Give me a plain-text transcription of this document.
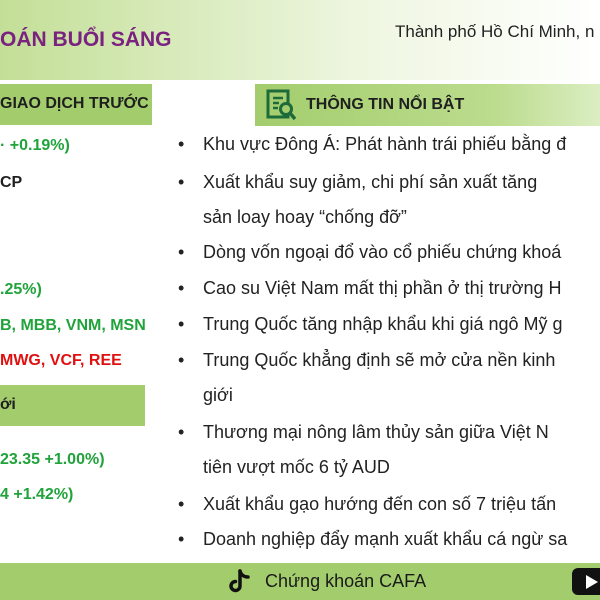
OÁN BUỔI SÁNG	Thành phố Hồ Chí Minh, n
GIAO DỊCH TRƯỚC
· +0.19%)
CP
.25%)
B, MBB, VNM, MSN
MWG, VCF, REE
ới
23.35 +1.00%)
4 +1.42%)
THÔNG TIN NỔI BẬT
• Khu vực Đông Á: Phát hành trái phiếu bằng đ
• Xuất khẩu suy giảm, chi phí sản xuất tăng
sản loay hoay “chống đỡ”
• Dòng vốn ngoại đổ vào cổ phiếu chứng khoá
• Cao su Việt Nam mất thị phần ở thị trường H
• Trung Quốc tăng nhập khẩu khi giá ngô Mỹ g
• Trung Quốc khẳng định sẽ mở cửa nền kinh
giới
• Thương mại nông lâm thủy sản giữa Việt N
tiên vượt mốc 6 tỷ AUD
• Xuất khẩu gạo hướng đến con số 7 triệu tấn
• Doanh nghiệp đẩy mạnh xuất khẩu cá ngừ sa
Chứng khoán CAFA
